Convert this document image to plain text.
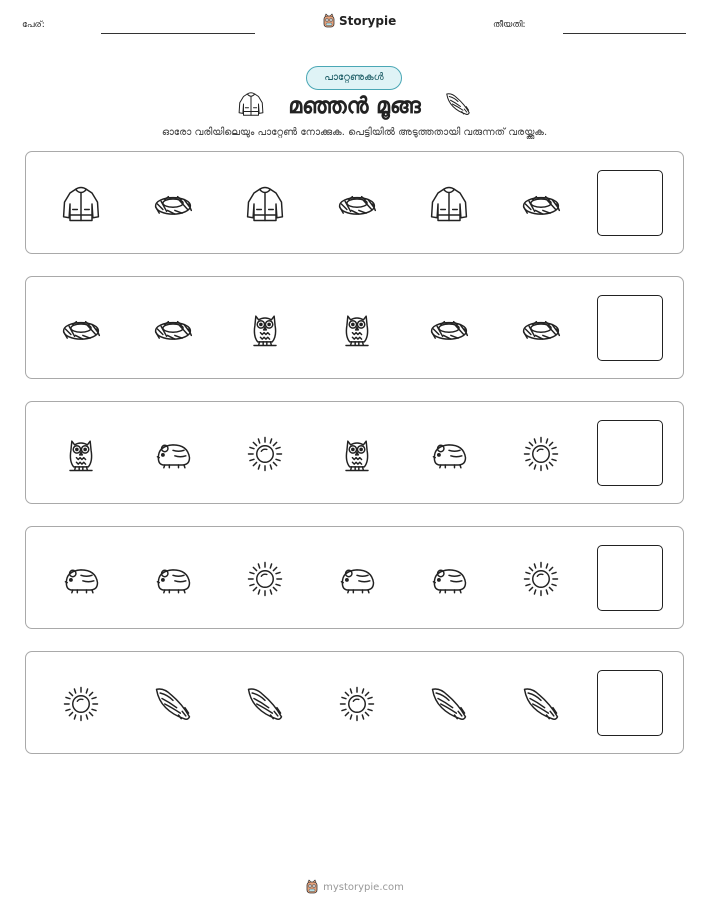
പേര്:	Storypie	തീയതി:
പാറ്റേണുകൾ
മഞ്ഞൻ മൂങ്ങ
ഓരോ വരിയിലെയും പാറ്റേൺ നോക്കുക. പെട്ടിയിൽ അടുത്തതായി വരുന്നത് വരയ്ക്കുക.
mystorypie.com
